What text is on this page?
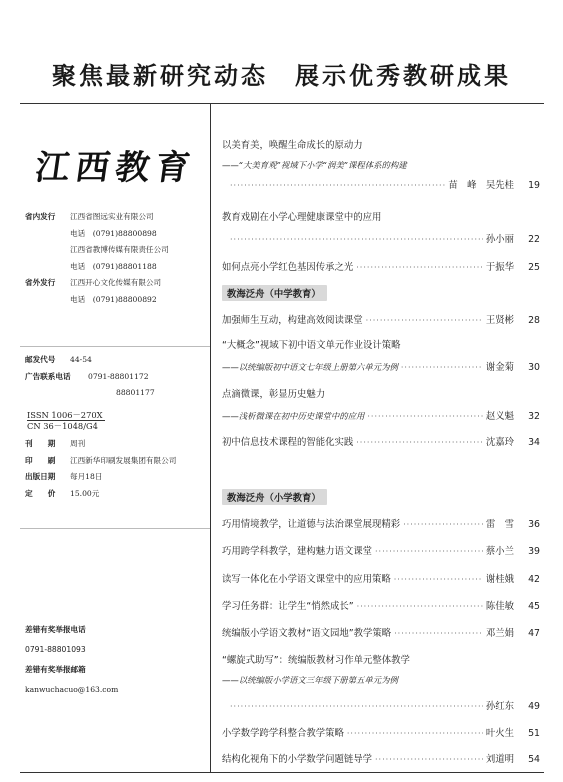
聚焦最新研究动态　展示优秀教研成果
江西教育
省内发行 江西省图远实业有限公司
电话　 (0791)88800898
江西省教博传媒有限责任公司
电话　 (0791)88801188
省外发行 江西开心文化传媒有限公司
电话　 (0791)88800892
邮发代号 44-54
广告联系电话 0791-88801172
88801177
ISSN 1006－270X
CN 36－1048/G4
刊　　期 周刊
印　　刷 江西新华印刷发展集团有限公司
出版日期 每月18日
定　　价 15.00元
差错有奖举报电话
0791-88801093
差错有奖举报邮箱
kanwuchacuo@163.com
以美育美，唤醒生命成长的原动力
——“大美育观”视域下小学“润美”课程体系的构建
·····
苗　峰　吴先桂	19
教育戏剧在小学心理健康课堂中的应用
·····
孙小丽	22
如何点亮小学红色基因传承之光 ·····	于振华	25
教海泛舟（中学教育）
加强师生互动，构建高效阅读课堂 ·····	王贤彬	28
“大概念”视域下初中语文单元作业设计策略
——以统编版初中语文七年级上册第六单元为例 ·····	谢金菊	30
点滴微课，彰显历史魅力
——浅析微课在初中历史课堂中的应用 ·····	赵义魁	32
初中信息技术课程的智能化实践 ·····	沈嘉玲	34
教海泛舟（小学教育）
巧用情境教学，让道德与法治课堂展现精彩 ·····	雷　雪	36
巧用跨学科教学，建构魅力语文课堂 ·····	蔡小兰	39
读写一体化在小学语文课堂中的应用策略 ·····	谢桂娥	42
学习任务群：让学生“悄然成长” ·····	陈佳敏	45
统编版小学语文教材“语文园地”教学策略 ·····	邓兰娟	47
“螺旋式助写”：统编版教材习作单元整体教学
——以统编版小学语文三年级下册第五单元为例
·····
孙红东	49
小学数学跨学科整合教学策略 ·····	叶火生	51
结构化视角下的小学数学问题链导学 ·····	刘道明	54
